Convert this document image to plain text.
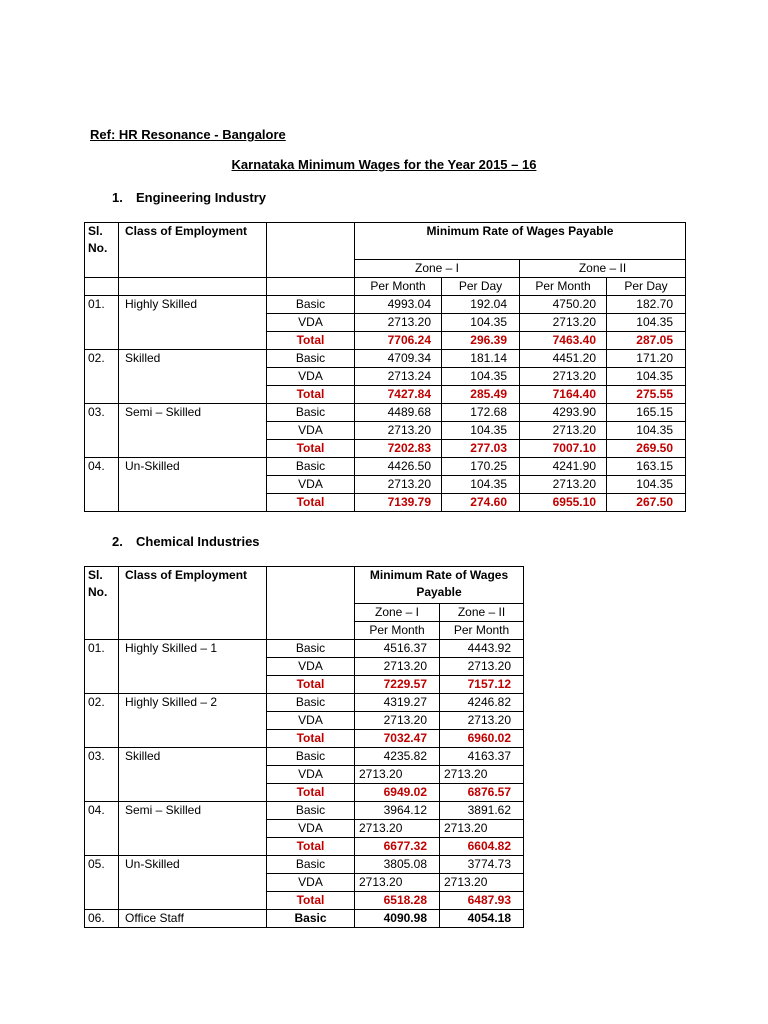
Ref: HR Resonance - Bangalore
Karnataka Minimum Wages for the Year 2015 – 16
1. Engineering Industry
Sl.
No.	Class of Employment		Minimum Rate of Wages Payable			
			Zone – I		Zone – II	
			Per Month	Per Day	Per Month	Per Day
01.	Highly Skilled	Basic	4993.04	192.04	4750.20	182.70
		VDA	2713.20	104.35	2713.20	104.35
		Total	7706.24	296.39	7463.40	287.05
02.	Skilled	Basic	4709.34	181.14	4451.20	171.20
		VDA	2713.24	104.35	2713.20	104.35
		Total	7427.84	285.49	7164.40	275.55
03.	Semi – Skilled	Basic	4489.68	172.68	4293.90	165.15
		VDA	2713.20	104.35	2713.20	104.35
		Total	7202.83	277.03	7007.10	269.50
04.	Un-Skilled	Basic	4426.50	170.25	4241.90	163.15
		VDA	2713.20	104.35	2713.20	104.35
		Total	7139.79	274.60	6955.10	267.50
2. Chemical Industries
Sl.
No.	Class of Employment		Minimum Rate of Wages
Payable	
			Zone – I	Zone – II
			Per Month	Per Month
01.	Highly Skilled – 1	Basic	4516.37	4443.92
		VDA	2713.20	2713.20
		Total	7229.57	7157.12
02.	Highly Skilled – 2	Basic	4319.27	4246.82
		VDA	2713.20	2713.20
		Total	7032.47	6960.02
03.	Skilled	Basic	4235.82	4163.37
		VDA	2713.20	2713.20
		Total	6949.02	6876.57
04.	Semi – Skilled	Basic	3964.12	3891.62
		VDA	2713.20	2713.20
		Total	6677.32	6604.82
05.	Un-Skilled	Basic	3805.08	3774.73
		VDA	2713.20	2713.20
		Total	6518.28	6487.93
06.	Office Staff	Basic	4090.98	4054.18
